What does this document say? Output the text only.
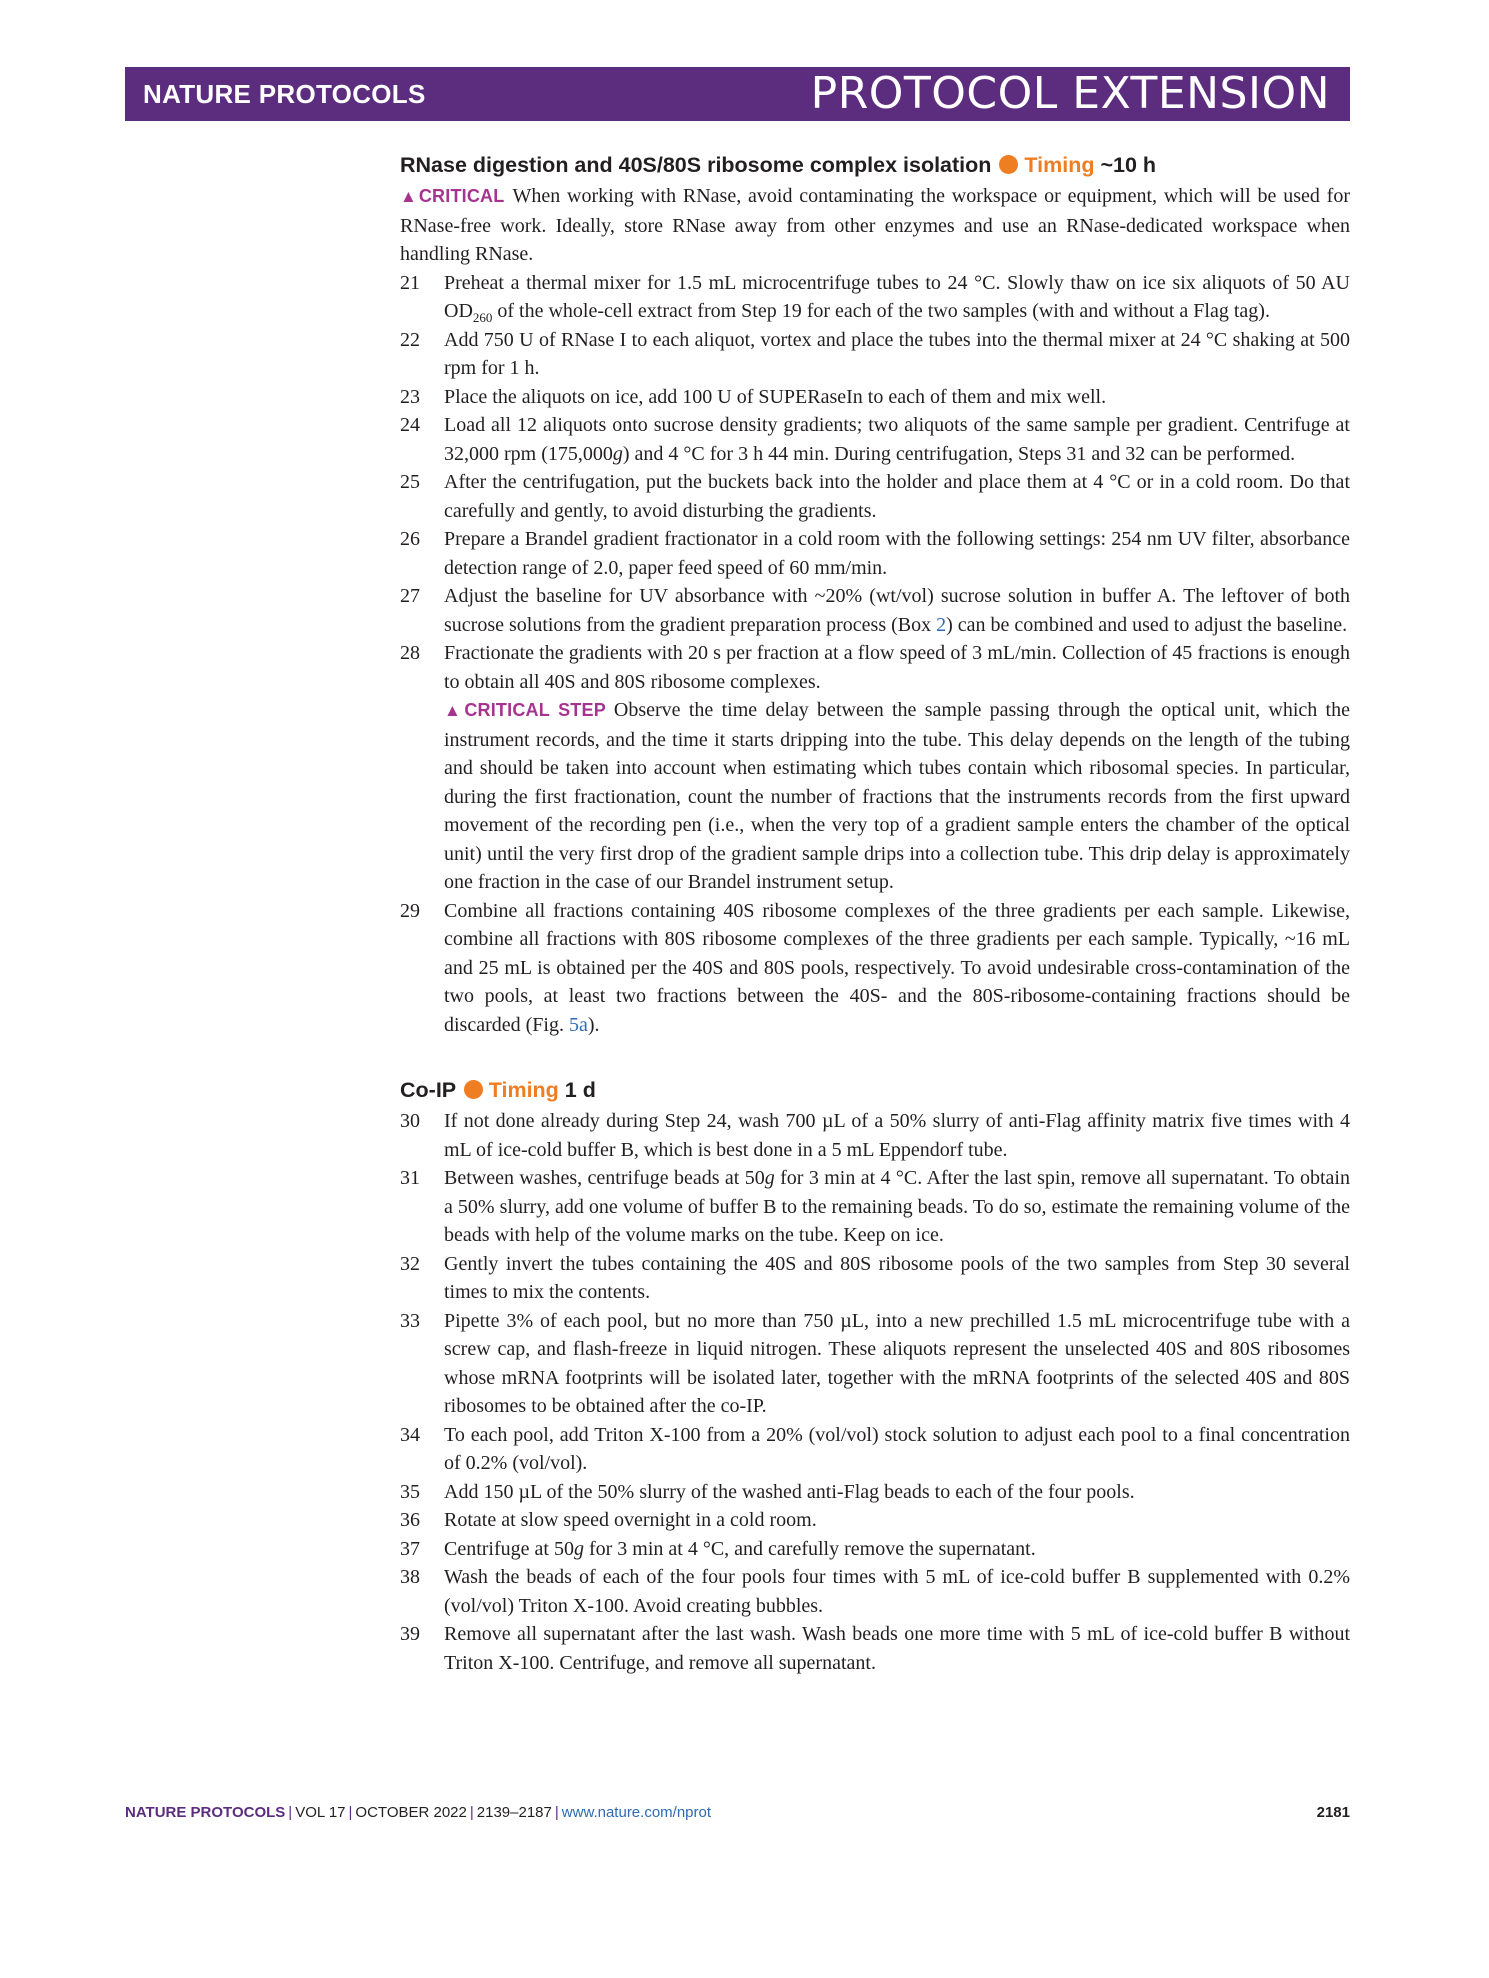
NATURE PROTOCOLS	PROTOCOL EXTENSION
RNase digestion and 40S/80S ribosome complex isolation Timing ~10 h

▲CRITICAL When working with RNase, avoid contaminating the workspace or equipment, which will be used for RNase-free work. Ideally, store RNase away from other enzymes and use an RNase-dedicated workspace when handling RNase.

21 Preheat a thermal mixer for 1.5 mL microcentrifuge tubes to 24 °C. Slowly thaw on ice six aliquots of 50 AU $OD_{260}$ of the whole-cell extract from Step 19 for each of the two samples (with and without a Flag tag).
22 Add 750 U of RNase I to each aliquot, vortex and place the tubes into the thermal mixer at 24 °C shaking at 500 rpm for 1 h.
23 Place the aliquots on ice, add 100 U of SUPERaseIn to each of them and mix well.
24 Load all 12 aliquots onto sucrose density gradients; two aliquots of the same sample per gradient. Centrifuge at 32,000 rpm (175,000g) and 4 °C for 3 h 44 min. During centrifugation, Steps 31 and 32 can be performed.
25 After the centrifugation, put the buckets back into the holder and place them at 4 °C or in a cold room. Do that carefully and gently, to avoid disturbing the gradients.
26 Prepare a Brandel gradient fractionator in a cold room with the following settings: 254 nm UV filter, absorbance detection range of 2.0, paper feed speed of 60 mm/min.
27 Adjust the baseline for UV absorbance with ~20% (wt/vol) sucrose solution in buffer A. The leftover of both sucrose solutions from the gradient preparation process (Box 2) can be combined and used to adjust the baseline.
28 Fractionate the gradients with 20 s per fraction at a flow speed of 3 mL/min. Collection of 45 fractions is enough to obtain all 40S and 80S ribosome complexes.
▲CRITICAL STEP Observe the time delay between the sample passing through the optical unit, which the instrument records, and the time it starts dripping into the tube. This delay depends on the length of the tubing and should be taken into account when estimating which tubes contain which ribosomal species. In particular, during the first fractionation, count the number of fractions that the instruments records from the first upward movement of the recording pen (i.e., when the very top of a gradient sample enters the chamber of the optical unit) until the very first drop of the gradient sample drips into a collection tube. This drip delay is approximately one fraction in the case of our Brandel instrument setup.
29 Combine all fractions containing 40S ribosome complexes of the three gradients per each sample. Likewise, combine all fractions with 80S ribosome complexes of the three gradients per each sample. Typically, ~16 mL and 25 mL is obtained per the 40S and 80S pools, respectively. To avoid undesirable cross-contamination of the two pools, at least two fractions between the 40S- and the 80S-ribosome-containing fractions should be discarded (Fig. 5a).
Co-IP Timing 1 d
30 If not done already during Step 24, wash 700 µL of a 50% slurry of anti-Flag affinity matrix five times with 4 mL of ice-cold buffer B, which is best done in a 5 mL Eppendorf tube.
31 Between washes, centrifuge beads at 50g for 3 min at 4 °C. After the last spin, remove all supernatant. To obtain a 50% slurry, add one volume of buffer B to the remaining beads. To do so, estimate the remaining volume of the beads with help of the volume marks on the tube. Keep on ice.
32 Gently invert the tubes containing the 40S and 80S ribosome pools of the two samples from Step 30 several times to mix the contents.
33 Pipette 3% of each pool, but no more than 750 µL, into a new prechilled 1.5 mL microcentrifuge tube with a screw cap, and flash-freeze in liquid nitrogen. These aliquots represent the unselected 40S and 80S ribosomes whose mRNA footprints will be isolated later, together with the mRNA footprints of the selected 40S and 80S ribosomes to be obtained after the co-IP.
34 To each pool, add Triton X-100 from a 20% (vol/vol) stock solution to adjust each pool to a final concentration of 0.2% (vol/vol).
35 Add 150 µL of the 50% slurry of the washed anti-Flag beads to each of the four pools.
36 Rotate at slow speed overnight in a cold room.
37 Centrifuge at 50g for 3 min at 4 °C, and carefully remove the supernatant.
38 Wash the beads of each of the four pools four times with 5 mL of ice-cold buffer B supplemented with 0.2% (vol/vol) Triton X-100. Avoid creating bubbles.
39 Remove all supernatant after the last wash. Wash beads one more time with 5 mL of ice-cold buffer B without Triton X-100. Centrifuge, and remove all supernatant.
NATURE PROTOCOLS | VOL 17 | OCTOBER 2022 | 2139–2187 | www.nature.com/nprot	2181
